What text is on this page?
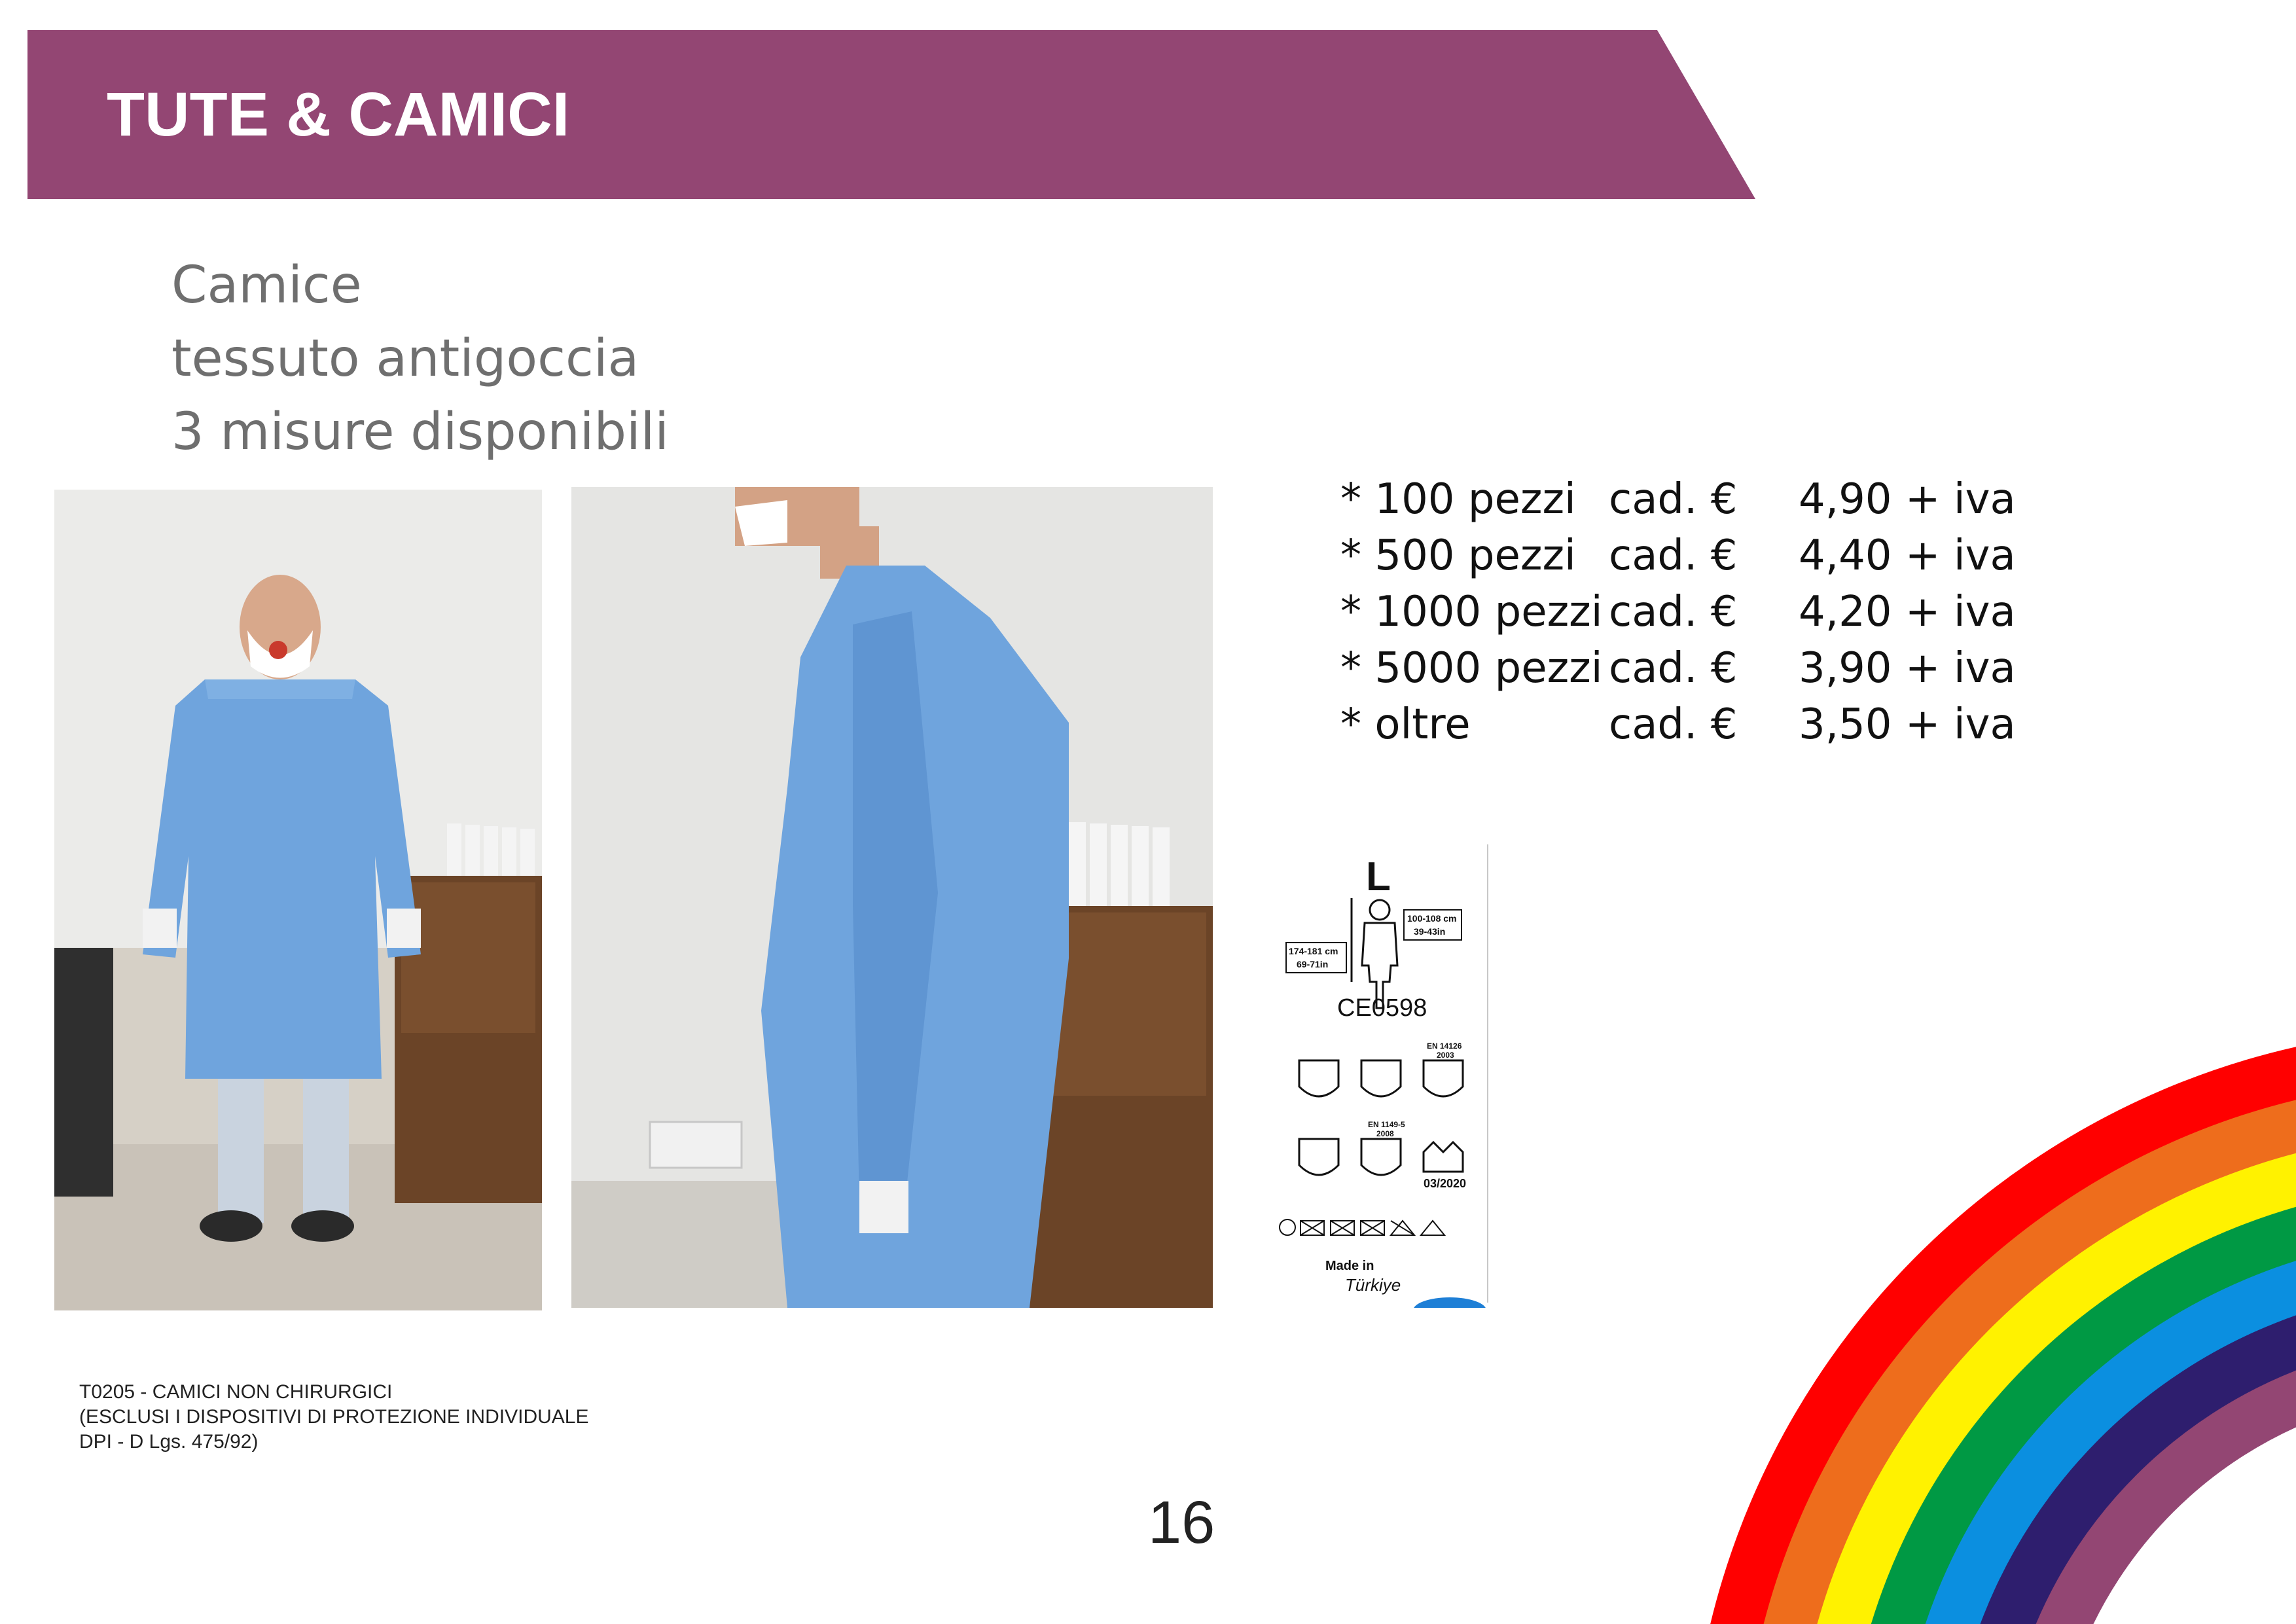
TUTE & CAMICI
Camice
tessuto antigoccia
3 misure disponibili
* 100 pezzi cad. € 4,90 + iva
* 500 pezzi cad. € 4,40 + iva
* 1000 pezzi cad. € 4,20 + iva
* 5000 pezzi cad. € 3,90 + iva
* oltre	cad. € 3,50 + iva
L
100-108 cm
39-43in
174-181 cm
69-71in
CE0598
EN 14126
2003
EN 1149-5
2008
03/2020
Made in
Türkiye
T0205 - CAMICI NON CHIRURGICI
(ESCLUSI I DISPOSITIVI DI PROTEZIONE INDIVIDUALE
DPI - D Lgs. 475/92)
16
